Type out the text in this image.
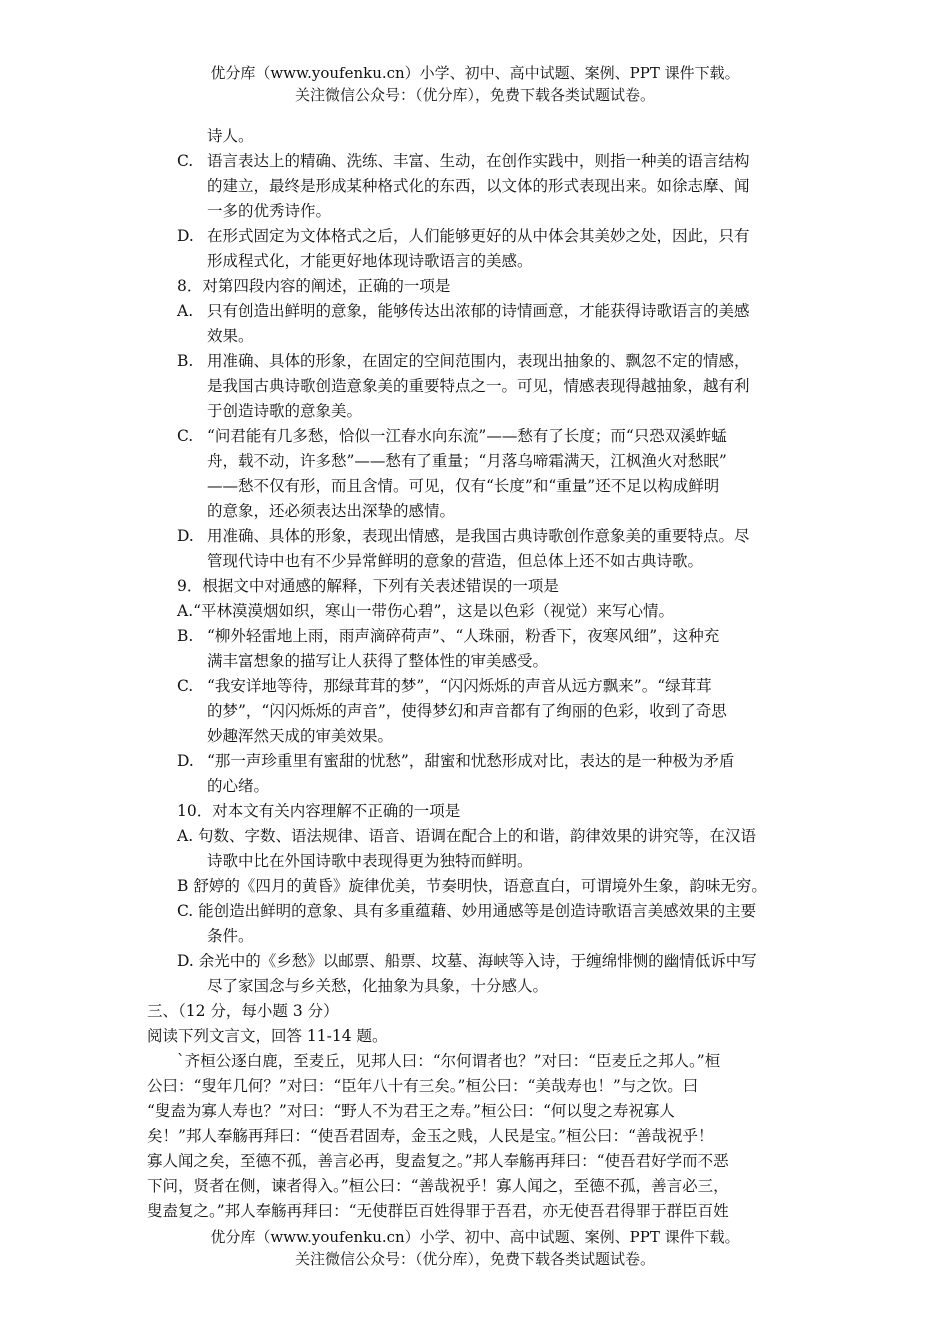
优分库（www.youfenku.cn）小学、初中、高中试题、案例、PPT 课件下载。
关注微信公众号：（优分库），免费下载各类试题试卷。
诗人。
C. 语言表达上的精确、洗练、丰富、生动，在创作实践中，则指一种美的语言结构
的建立，最终是形成某种格式化的东西，以文体的形式表现出来。如徐志摩、闻
一多的优秀诗作。
D. 在形式固定为文体格式之后，人们能够更好的从中体会其美妙之处，因此，只有
形成程式化，才能更好地体现诗歌语言的美感。
8．对第四段内容的阐述，正确的一项是
A. 只有创造出鲜明的意象，能够传达出浓郁的诗情画意，才能获得诗歌语言的美感
效果。
B. 用准确、具体的形象，在固定的空间范围内，表现出抽象的、飘忽不定的情感，
是我国古典诗歌创造意象美的重要特点之一。可见，情感表现得越抽象，越有利
于创造诗歌的意象美。
C. “问君能有几多愁，恰似一江春水向东流”——愁有了长度；而“只恐双溪蚱蜢
舟，载不动，许多愁”——愁有了重量；“月落乌啼霜满天，江枫渔火对愁眠”
——愁不仅有形，而且含情。可见，仅有“长度”和“重量”还不足以构成鲜明
的意象，还必须表达出深挚的感情。
D. 用准确、具体的形象，表现出情感，是我国古典诗歌创作意象美的重要特点。尽
管现代诗中也有不少异常鲜明的意象的营造，但总体上还不如古典诗歌。
9．根据文中对通感的解释，下列有关表述错误的一项是
A.“平林漠漠烟如织，寒山一带伤心碧”，这是以色彩（视觉）来写心情。
B. “柳外轻雷地上雨，雨声滴碎荷声”、“人珠丽，粉香下，夜寒风细”，这种充
满丰富想象的描写让人获得了整体性的审美感受。
C. “我安详地等待，那绿茸茸的梦”，“闪闪烁烁的声音从远方飘来”。“绿茸茸
的梦”，“闪闪烁烁的声音”，使得梦幻和声音都有了绚丽的色彩，收到了奇思
妙趣浑然天成的审美效果。
D. “那一声珍重里有蜜甜的忧愁”，甜蜜和忧愁形成对比，表达的是一种极为矛盾
的心绪。
10．对本文有关内容理解不正确的一项是
A. 句数、字数、语法规律、语音、语调在配合上的和谐，韵律效果的讲究等，在汉语
诗歌中比在外国诗歌中表现得更为独特而鲜明。
B 舒婷的《四月的黄昏》旋律优美，节奏明快，语意直白，可谓境外生象，韵味无穷。
C. 能创造出鲜明的意象、具有多重蕴藉、妙用通感等是创造诗歌语言美感效果的主要
条件。
D. 余光中的《乡愁》以邮票、船票、坟墓、海峡等入诗，于缠绵悱恻的幽情低诉中写
尽了家国念与乡关愁，化抽象为具象，十分感人。
三、（12 分，每小题 3 分）
阅读下列文言文，回答 11-14 题。
`齐桓公逐白鹿，至麦丘，见邦人曰：“尔何谓者也？”对曰：“臣麦丘之邦人。”桓
公曰：“叟年几何？”对曰：“臣年八十有三矣。”桓公曰：“美哉寿也！”与之饮。曰
“叟盍为寡人寿也？”对曰：“野人不为君王之寿。”桓公曰：“何以叟之寿祝寡人
矣！”邦人奉觞再拜曰：“使吾君固寿，金玉之贱，人民是宝。”桓公曰：“善哉祝乎！
寡人闻之矣，至德不孤，善言必再，叟盍复之。”邦人奉觞再拜曰：“使吾君好学而不恶
下问，贤者在侧，谏者得入。”桓公曰：“善哉祝乎！寡人闻之，至德不孤，善言必三，
叟盍复之。”邦人奉觞再拜曰：“无使群臣百姓得罪于吾君，亦无使吾君得罪于群臣百姓
优分库（www.youfenku.cn）小学、初中、高中试题、案例、PPT 课件下载。
关注微信公众号：（优分库），免费下载各类试题试卷。
